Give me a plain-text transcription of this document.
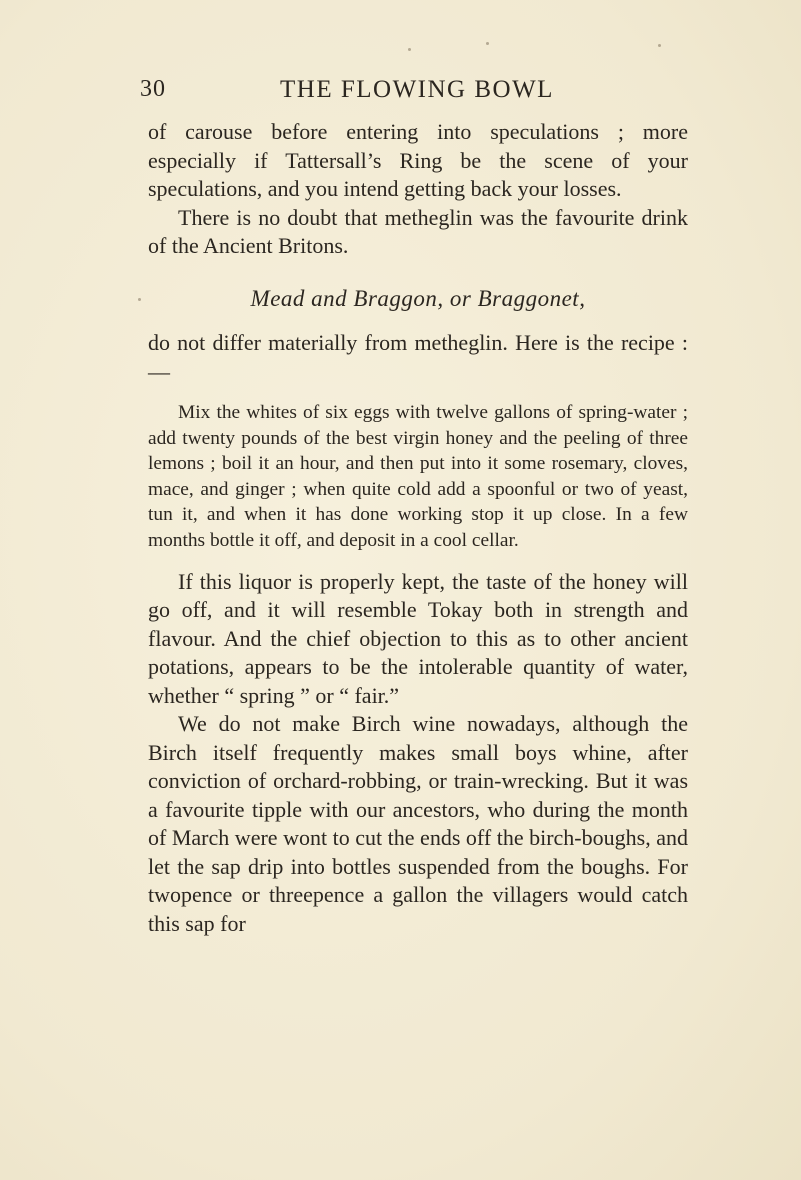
30	THE FLOWING BOWL

of carouse before entering into speculations ; more especially if Tattersall’s Ring be the scene of your speculations, and you intend getting back your losses.

There is no doubt that metheglin was the favourite drink of the Ancient Britons.

Mead and Braggon, or Braggonet,

do not differ materially from metheglin. Here is the recipe :—

Mix the whites of six eggs with twelve gallons of spring-water ; add twenty pounds of the best virgin honey and the peeling of three lemons ; boil it an hour, and then put into it some rosemary, cloves, mace, and ginger ; when quite cold add a spoonful or two of yeast, tun it, and when it has done working stop it up close. In a few months bottle it off, and deposit in a cool cellar.

If this liquor is properly kept, the taste of the honey will go off, and it will resemble Tokay both in strength and flavour. And the chief objection to this as to other ancient potations, appears to be the intolerable quantity of water, whether “ spring ” or “ fair.”

We do not make Birch wine nowadays, although the Birch itself frequently makes small boys whine, after conviction of orchard-robbing, or train-wrecking. But it was a favourite tipple with our ancestors, who during the month of March were wont to cut the ends off the birch-boughs, and let the sap drip into bottles suspended from the boughs. For twopence or threepence a gallon the villagers would catch this sap for
